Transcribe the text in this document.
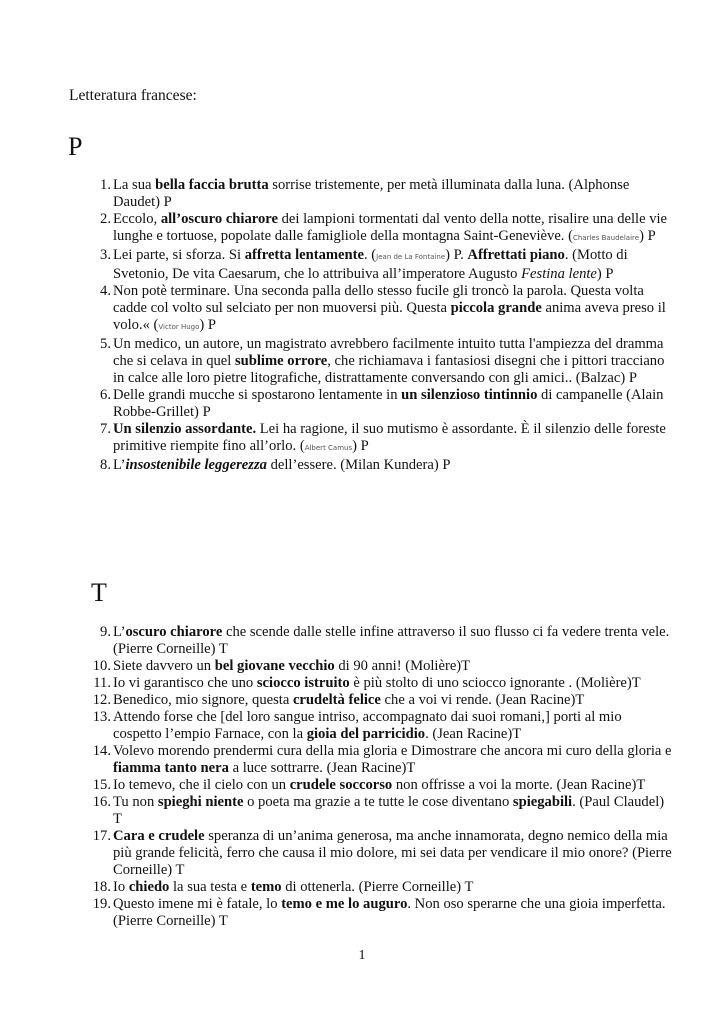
Letteratura francese:
P
1 . La sua bella faccia brutta sorrise tristemente, per metà illuminata dalla luna. (Alphonse Daudet) P
2 . Eccolo, all’oscuro chiarore dei lampioni tormentati dal vento della notte, risalire una delle vie lunghe e tortuose, popolate dalle famigliole della montagna Saint-Geneviève. (Charles Baudelaire) P
3 . Lei parte, si sforza. Si affretta lentamente. (Jean de La Fontaine) P. Affrettati piano. (Motto di Svetonio, De vita Caesarum, che lo attribuiva all’imperatore Augusto Festina lente) P
4 . Non potè terminare. Una seconda palla dello stesso fucile gli troncò la parola. Questa volta cadde col volto sul selciato per non muoversi più. Questa piccola grande anima aveva preso il volo.« (Victor Hugo) P
5 . Un medico, un autore, un magistrato avrebbero facilmente intuito tutta l'ampiezza del dramma che si celava in quel sublime orrore, che richiamava i fantasiosi disegni che i pittori tracciano in calce alle loro pietre litografiche, distrattamente conversando con gli amici.. (Balzac) P
6 . Delle grandi mucche si spostarono lentamente in un silenzioso tintinnio di campanelle (Alain Robbe-Grillet) P
7 . Un silenzio assordante. Lei ha ragione, il suo mutismo è assordante. È il silenzio delle foreste primitive riempite fino all’orlo. (Albert Camus) P
8 . L’insostenibile leggerezza dell’essere. (Milan Kundera) P
T
9 . L’oscuro chiarore che scende dalle stelle infine attraverso il suo flusso ci fa vedere trenta vele. (Pierre Corneille) T
10 . Siete davvero un bel giovane vecchio di 90 anni! (Molière)T
11 . Io vi garantisco che uno sciocco istruito è più stolto di uno sciocco ignorante . (Molière)T
12 . Benedico, mio signore, questa crudeltà felice che a voi vi rende. (Jean Racine)T
13 . Attendo forse che [del loro sangue intriso, accompagnato dai suoi romani,] porti al mio cospetto l’empio Farnace, con la gioia del parricidio. (Jean Racine)T
14 . Volevo morendo prendermi cura della mia gloria e Dimostrare che ancora mi curo della gloria e fiamma tanto nera a luce sottrarre. (Jean Racine)T
15 . Io temevo, che il cielo con un crudele soccorso non offrisse a voi la morte. (Jean Racine)T
16 . Tu non spieghi niente o poeta ma grazie a te tutte le cose diventano spiegabili. (Paul Claudel) T
17 . Cara e crudele speranza di un’anima generosa, ma anche innamorata, degno nemico della mia più grande felicità, ferro che causa il mio dolore, mi sei data per vendicare il mio onore? (Pierre Corneille) T
18 . Io chiedo la sua testa e temo di ottenerla. (Pierre Corneille) T
19 . Questo imene mi è fatale, lo temo e me lo auguro. Non oso sperarne che una gioia imperfetta. (Pierre Corneille) T
1
